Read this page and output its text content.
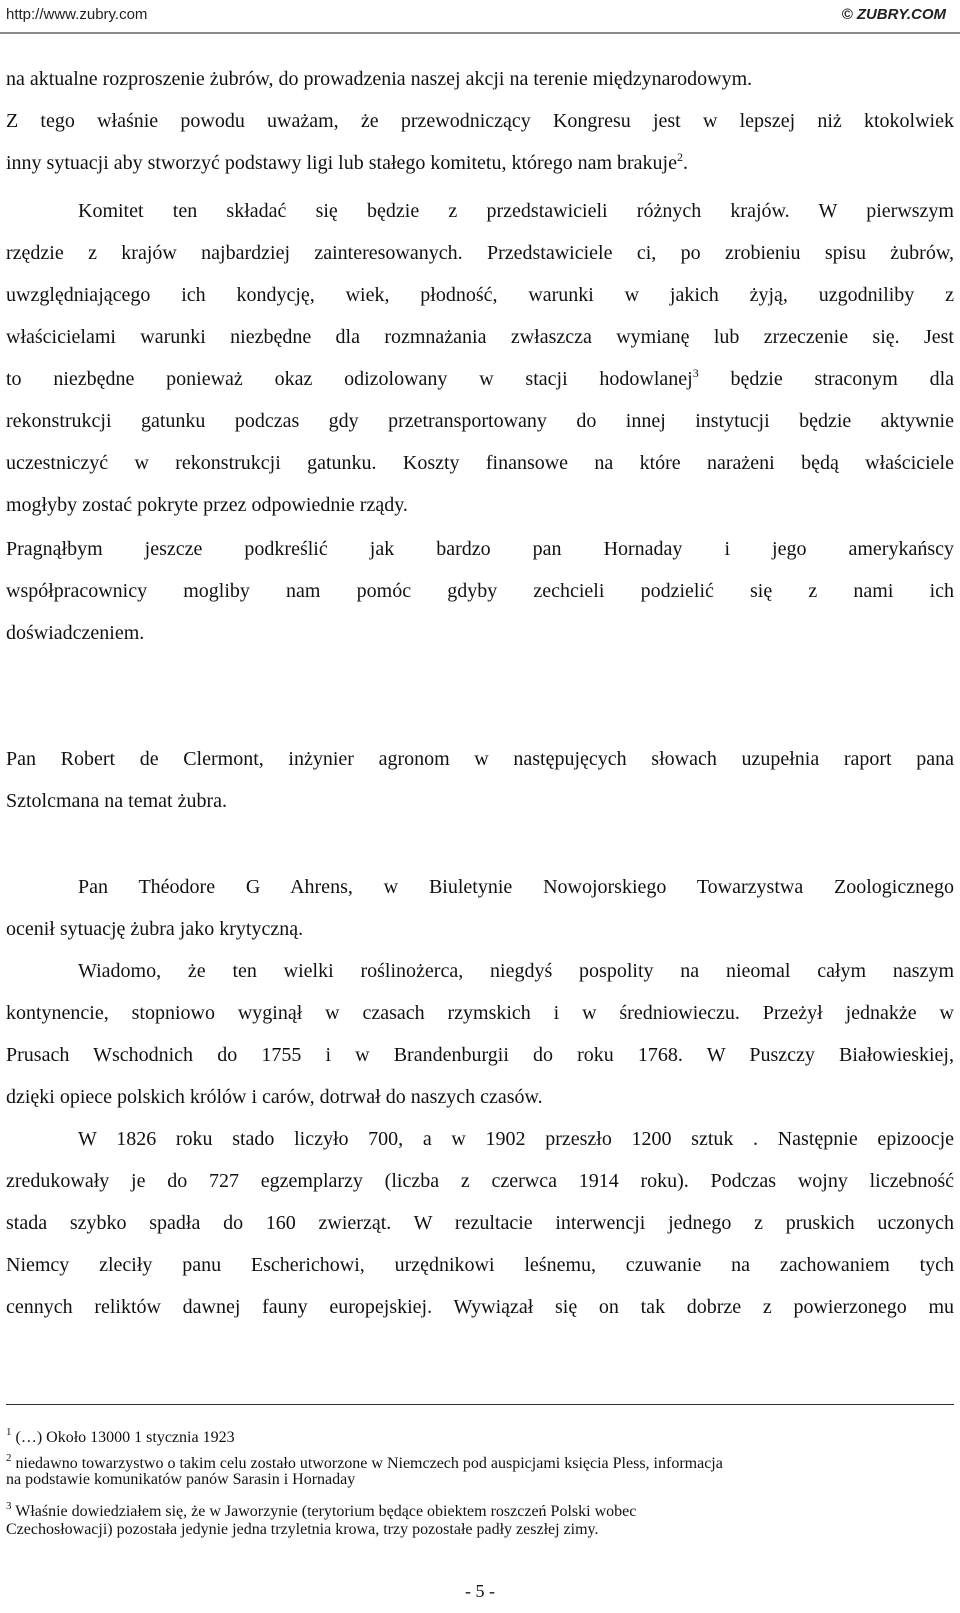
http://www.zubry.com	© ZUBRY.COM

na aktualne rozproszenie żubrów, do prowadzenia naszej akcji na terenie międzynarodowym.

Z tego właśnie powodu uważam, że przewodniczący Kongresu jest w lepszej niż ktokolwiek

inny sytuacji aby stworzyć podstawy ligi lub stałego komitetu, którego nam brakuje$^2$.

Komitet ten składać się będzie z przedstawicieli różnych krajów. W pierwszym

rzędzie z krajów najbardziej zainteresowanych. Przedstawiciele ci, po zrobieniu spisu żubrów,

uwzględniającego ich kondycję, wiek, płodność, warunki w jakich żyją, uzgodniliby z

właścicielami warunki niezbędne dla rozmnażania zwłaszcza wymianę lub zrzeczenie się. Jest

to niezbędne ponieważ okaz odizolowany w stacji hodowlanej$^3$ będzie straconym dla

rekonstrukcji gatunku podczas gdy przetransportowany do innej instytucji będzie aktywnie

uczestniczyć w rekonstrukcji gatunku. Koszty finansowe na które narażeni będą właściciele

mogłyby zostać pokryte przez odpowiednie rządy.

Pragnąłbym jeszcze podkreślić jak bardzo pan Hornaday i jego amerykańscy

współpracownicy mogliby nam pomóc gdyby zechcieli podzielić się z nami ich

doświadczeniem.

Pan Robert de Clermont, inżynier agronom w następujęcych słowach uzupełnia raport pana

Sztolcmana na temat żubra.

Pan Théodore G Ahrens, w Biuletynie Nowojorskiego Towarzystwa Zoologicznego

ocenił sytuację żubra jako krytyczną.

Wiadomo, że ten wielki roślinożerca, niegdyś pospolity na nieomal całym naszym

kontynencie, stopniowo wyginął w czasach rzymskich i w średniowieczu. Przeżył jednakże w

Prusach Wschodnich do 1755 i w Brandenburgii do roku 1768. W Puszczy Białowieskiej,

dzięki opiece polskich królów i carów, dotrwał do naszych czasów.

W 1826 roku stado liczyło 700, a w 1902 przeszło 1200 sztuk . Następnie epizoocje

zredukowały je do 727 egzemplarzy (liczba z czerwca 1914 roku). Podczas wojny liczebność

stada szybko spadła do 160 zwierząt. W rezultacie interwencji jednego z pruskich uczonych

Niemcy zleciły panu Escherichowi, urzędnikowi leśnemu, czuwanie na zachowaniem tych

cennych reliktów dawnej fauny europejskiej. Wywiązał się on tak dobrze z powierzonego mu

$^1$ (…) Około 13000 1 stycznia 1923
$^2$ niedawno towarzystwo o takim celu zostało utworzone w Niemczech pod auspicjami księcia Pless, informacja
na podstawie komunikatów panów Sarasin i Hornaday
$^3$ Właśnie dowiedziałem się, że w Jaworzynie (terytorium będące obiektem roszczeń Polski wobec
Czechosłowacji) pozostała jedynie jedna trzyletnia krowa, trzy pozostałe padły zeszłej zimy.
- 5 -
